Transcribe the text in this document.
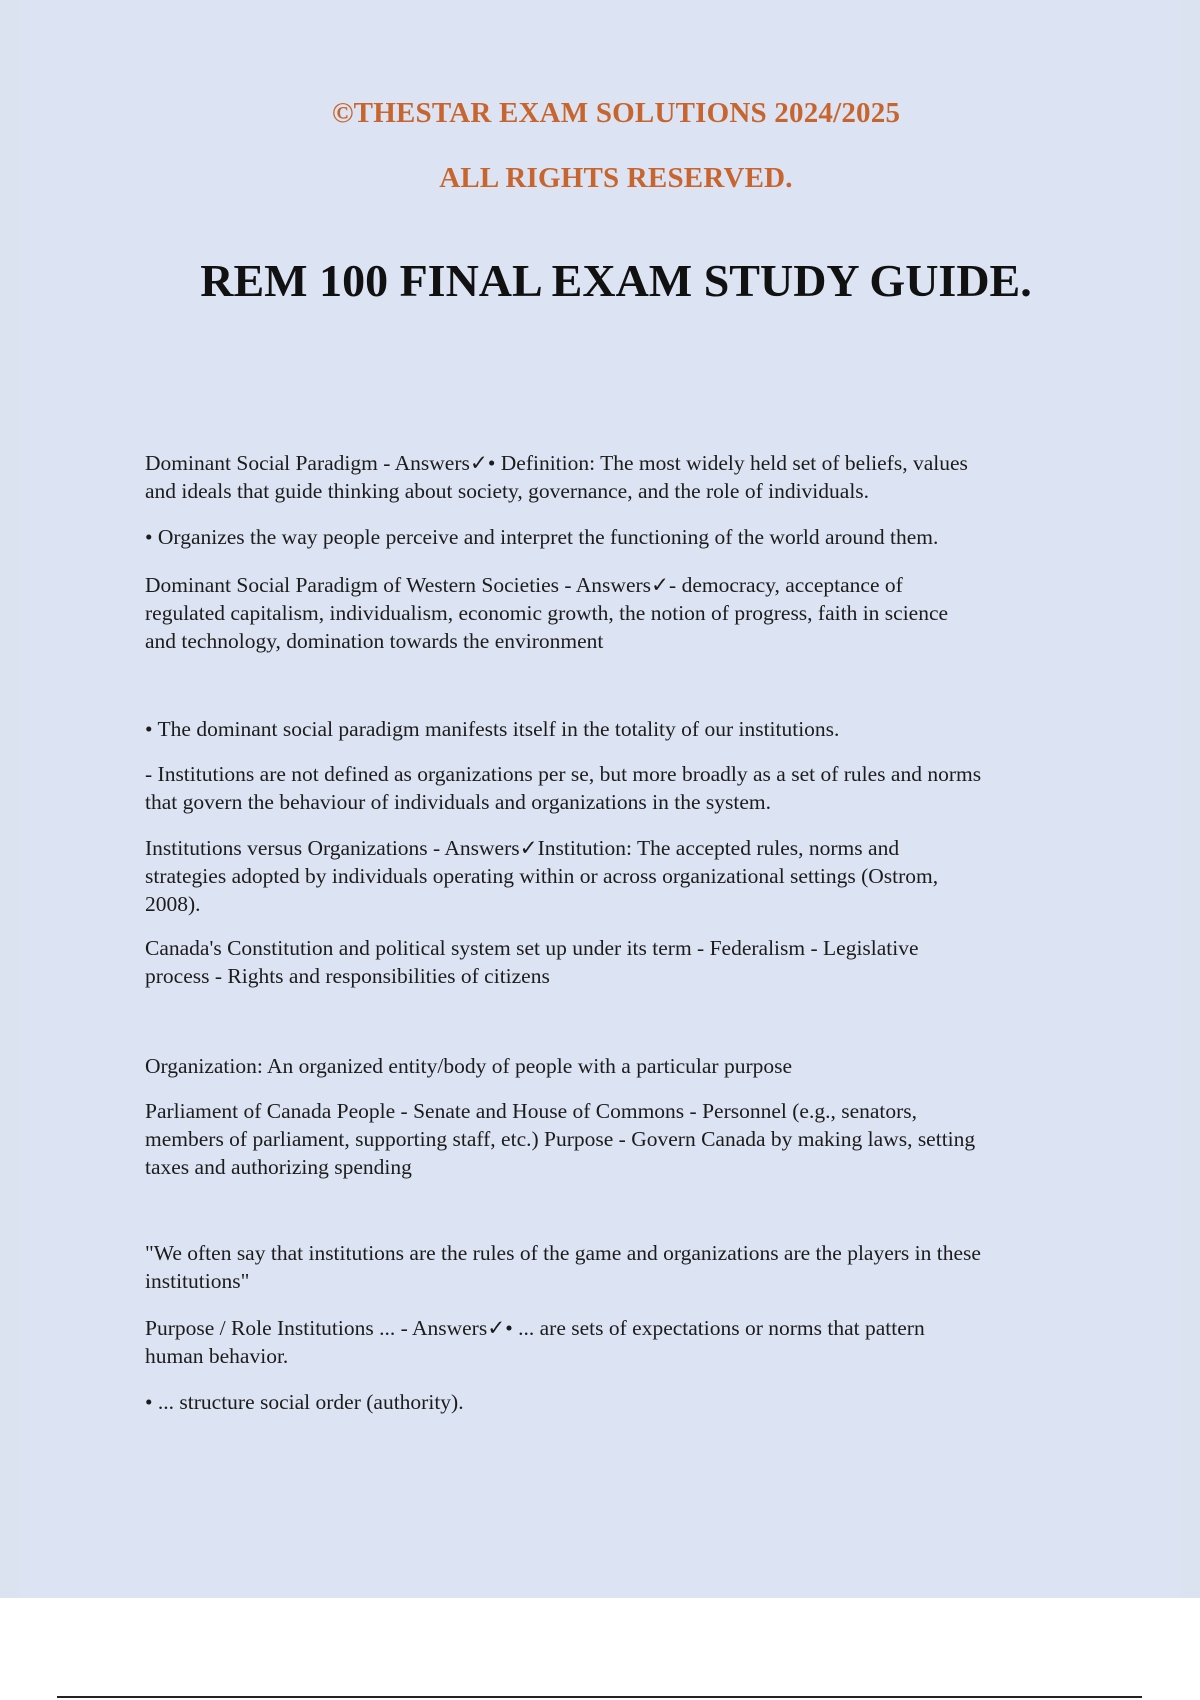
©THESTAR EXAM SOLUTIONS 2024/2025
ALL RIGHTS RESERVED.
REM 100 FINAL EXAM STUDY GUIDE.

Dominant Social Paradigm - Answers✓• Definition: The most widely held set of beliefs, values

and ideals that guide thinking about society, governance, and the role of individuals.

• Organizes the way people perceive and interpret the functioning of the world around them.

Dominant Social Paradigm of Western Societies - Answers✓- democracy, acceptance of

regulated capitalism, individualism, economic growth, the notion of progress, faith in science

and technology, domination towards the environment

• The dominant social paradigm manifests itself in the totality of our institutions.

- Institutions are not defined as organizations per se, but more broadly as a set of rules and norms

that govern the behaviour of individuals and organizations in the system.

Institutions versus Organizations - Answers✓Institution: The accepted rules, norms and

strategies adopted by individuals operating within or across organizational settings (Ostrom,

2008).

Canada's Constitution and political system set up under its term - Federalism - Legislative

process - Rights and responsibilities of citizens

Organization: An organized entity/body of people with a particular purpose

Parliament of Canada People - Senate and House of Commons - Personnel (e.g., senators,

members of parliament, supporting staff, etc.) Purpose - Govern Canada by making laws, setting

taxes and authorizing spending

"We often say that institutions are the rules of the game and organizations are the players in these

institutions"

Purpose / Role Institutions ... - Answers✓• ... are sets of expectations or norms that pattern

human behavior.

• ... structure social order (authority).
